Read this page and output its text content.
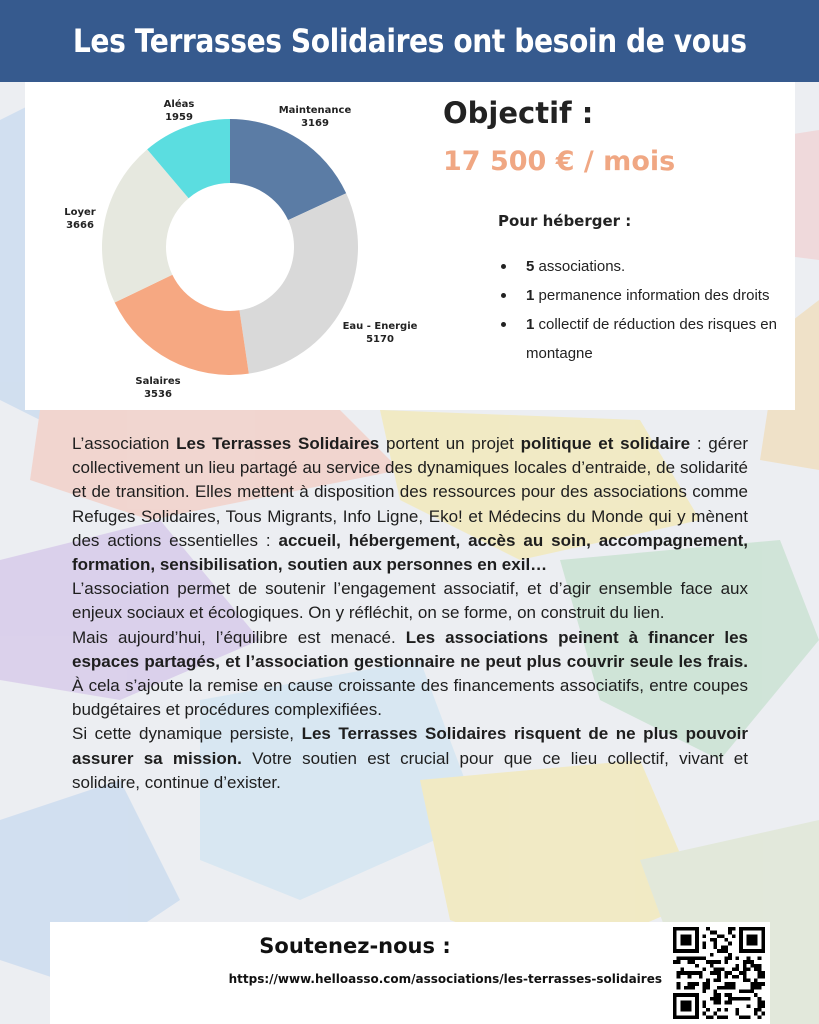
Les Terrasses Solidaires ont besoin de vous
Maintenance
3169
Eau - Energie
5170
Salaires
3536
Loyer
3666
Aléas
1959	Objectif :
17 500 € / mois
Pour héberger :
5 associations.
1 permanence information des droits
1 collectif de réduction des risques en montagne

L’association Les Terrasses Solidaires portent un projet politique et solidaire : gérer collectivement un lieu partagé au service des dynamiques locales d’entraide, de solidarité et de transition. Elles mettent à disposition des ressources pour des associations comme Refuges Solidaires, Tous Migrants, Info Ligne, Eko! et Médecins du Monde qui y mènent des actions essentielles : accueil, hébergement, accès au soin, accompagnement, formation, sensibilisation, soutien aux personnes en exil…

L’association permet de soutenir l’engagement associatif, et d’agir ensemble face aux enjeux sociaux et écologiques. On y réfléchit, on se forme, on construit du lien.

Mais aujourd’hui, l’équilibre est menacé. Les associations peinent à financer les espaces partagés, et l’association gestionnaire ne peut plus couvrir seule les frais. À cela s’ajoute la remise en cause croissante des financements associatifs, entre coupes budgétaires et procédures complexifiées.

Si cette dynamique persiste, Les Terrasses Solidaires risquent de ne plus pouvoir assurer sa mission. Votre soutien est crucial pour que ce lieu collectif, vivant et solidaire, continue d’exister.

Soutenez-nous :
https://www.helloasso.com/associations/les-terrasses-solidaires
